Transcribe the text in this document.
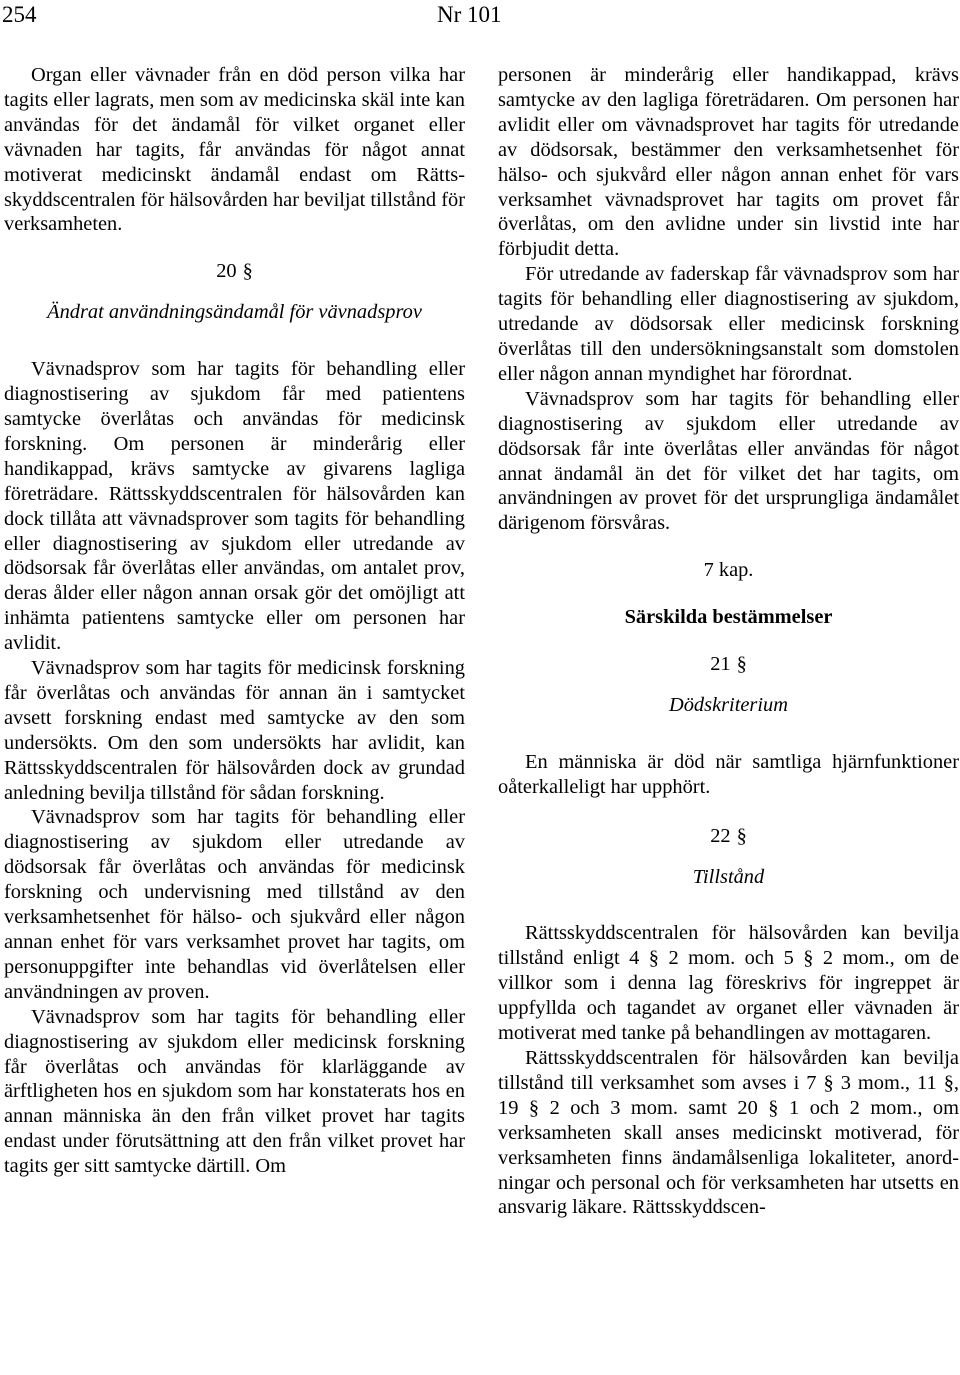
254	Nr 101

Organ eller vävnader från en död person vilka har tagits eller lagrats, men som av medicinska skäl inte kan användas för det ändamål för vilket organet eller vävnaden har tagits, får användas för något annat motiverat medicinskt ändamål endast om Rättsskyddscentralen för hälsovården har beviljat tillstånd för verksamheten.

20 §
Ändrat användningsändamål för vävnadsprov

Vävnadsprov som har tagits för behandling eller diagnostisering av sjukdom får med patientens samtycke överlåtas och användas för medicinsk forskning. Om personen är minderårig eller handikappad, krävs samtycke av givarens lagliga företrädare. Rättsskyddscentralen för hälsovården kan dock tillåta att vävnadsprover som tagits för behandling eller diagnostisering av sjukdom eller utredande av dödsorsak får överlåtas eller användas, om antalet prov, deras ålder eller någon annan orsak gör det omöjligt att inhämta patientens samtycke eller om personen har avlidit.

Vävnadsprov som har tagits för medicinsk forskning får överlåtas och användas för annan än i samtycket avsett forskning endast med samtycke av den som undersökts. Om den som undersökts har avlidit, kan Rättsskyddscentralen för hälsovården dock av grundad anledning bevilja tillstånd för sådan forskning.

Vävnadsprov som har tagits för behandling eller diagnostisering av sjukdom eller utredande av dödsorsak får överlåtas och användas för medicinsk forskning och undervisning med tillstånd av den verksamhetsenhet för hälso- och sjukvård eller någon annan enhet för vars verksamhet provet har tagits, om personuppgifter inte behandlas vid överlåtelsen eller användningen av proven.

Vävnadsprov som har tagits för behandling eller diagnostisering av sjukdom eller medicinsk forskning får överlåtas och användas för klarläggande av ärftligheten hos en sjukdom som har konstaterats hos en annan människa än den från vilket provet har tagits endast under förutsättning att den från vilket provet har tagits ger sitt samtycke därtill. Om

personen är minderårig eller handikappad, krävs samtycke av den lagliga företrädaren. Om personen har avlidit eller om vävnadsprovet har tagits för utredande av dödsorsak, bestämmer den verksamhetsenhet för hälso- och sjukvård eller någon annan enhet för vars verksamhet vävnadsprovet har tagits om provet får överlåtas, om den avlidne under sin livstid inte har förbjudit detta.

För utredande av faderskap får vävnadsprov som har tagits för behandling eller diagnostisering av sjukdom, utredande av dödsorsak eller medicinsk forskning överlåtas till den undersökningsanstalt som domstolen eller någon annan myndighet har förordnat.

Vävnadsprov som har tagits för behandling eller diagnostisering av sjukdom eller utredande av dödsorsak får inte överlåtas eller användas för något annat ändamål än det för vilket det har tagits, om användningen av provet för det ursprungliga ändamålet därigenom försvåras.

7 kap.
Särskilda bestämmelser
21 §
Dödskriterium

En människa är död när samtliga hjärnfunktioner oåterkalleligt har upphört.

22 §
Tillstånd

Rättsskyddscentralen för hälsovården kan bevilja tillstånd enligt 4 § 2 mom. och 5 § 2 mom., om de villkor som i denna lag föreskrivs för ingreppet är uppfyllda och tagandet av organet eller vävnaden är motiverat med tanke på behandlingen av mottagaren.

Rättsskyddscentralen för hälsovården kan bevilja tillstånd till verksamhet som avses i 7 § 3 mom., 11 §, 19 § 2 och 3 mom. samt 20 § 1 och 2 mom., om verksamheten skall anses medicinskt motiverad, för verksamheten finns ändamålsenliga lokaliteter, anordningar och personal och för verksamheten har utsetts en ansvarig läkare. Rättsskyddscen-
